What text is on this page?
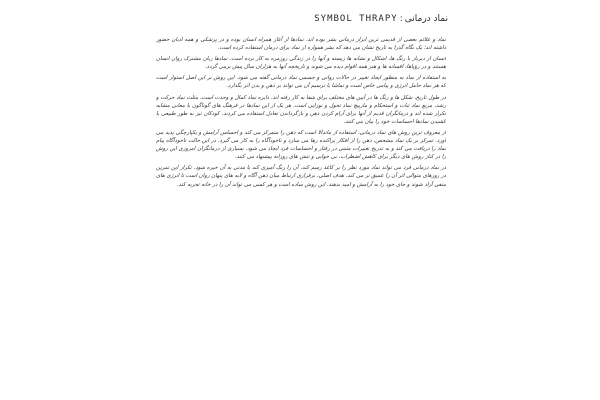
نماد درمانی:SYMBOL THRAPY

نماد و علائم بعضی از قدیمی ترین ابزار درمانی بشر بوده اند. نمادها از آغاز همراه انسان بوده و در پزشکی و همه ادیان حضور داشته اند؛ یک نگاه گذرا به تاریخ نشان می دهد که بشر همواره از نماد برای درمان استفاده کرده است.

انسان از دیرباز با رنگ ها، اشکال و نشانه ها زیسته و آنها را در زندگی روزمره به کار برده است. نمادها زبان مشترک روان انسان هستند و در رؤیاها، افسانه ها و هنر همه اقوام دیده می شوند و تاریخچه آنها به هزاران سال پیش برمی گردد.

به استفاده از نماد به منظور ایجاد تغییر در حالات روانی و جسمی نماد درمانی گفته می شود. این روش بر این اصل استوار است که هر نماد حامل انرژی و پیامی خاص است و تماشا یا ترسیم آن می تواند بر ذهن و بدن اثر بگذارد.

در طول تاریخ، شکل ها و رنگ ها در آیین های مختلف برای شفا به کار رفته اند. دایره نماد کمال و وحدت است، مثلث نماد حرکت و رشد، مربع نماد ثبات و استحکام و مارپیچ نماد تحول و نوزایی است. هر یک از این نمادها در فرهنگ های گوناگون با معانی مشابه تکرار شده اند و درمانگران قدیم از آنها برای آرام کردن ذهن و بازگرداندن تعادل استفاده می کردند. کودکان نیز به طور طبیعی با کشیدن نمادها احساسات خود را بیان می کنند.

از معروف ترین روش های نماد درمانی، استفاده از ماندالا است که ذهن را متمرکز می کند و احساس آرامش و یکپارچگی پدید می آورد. تمرکز بر یک نماد مشخص، ذهن را از افکار پراکنده رها می سازد و ناخودآگاه را به کار می گیرد. در این حالت ناخودآگاه پیام نماد را دریافت می کند و به تدریج تغییرات مثبتی در رفتار و احساسات فرد ایجاد می شود. بسیاری از درمانگران امروزی این روش را در کنار روش های دیگر برای کاهش اضطراب، بی خوابی و تنش های روزانه پیشنهاد می کنند.

در نماد درمانی فرد می تواند نماد مورد نظر را بر کاغذ رسم کند، آن را رنگ آمیزی کند یا مدتی به آن خیره شود. تکرار این تمرین در روزهای متوالی اثر آن را عمیق تر می کند. هدف اصلی، برقراری ارتباط میان ذهن آگاه و لایه های پنهان روان است تا انرژی های منفی آزاد شوند و جای خود را به آرامش و امید بدهند. این روش ساده است و هر کسی می تواند آن را در خانه تجربه کند.
